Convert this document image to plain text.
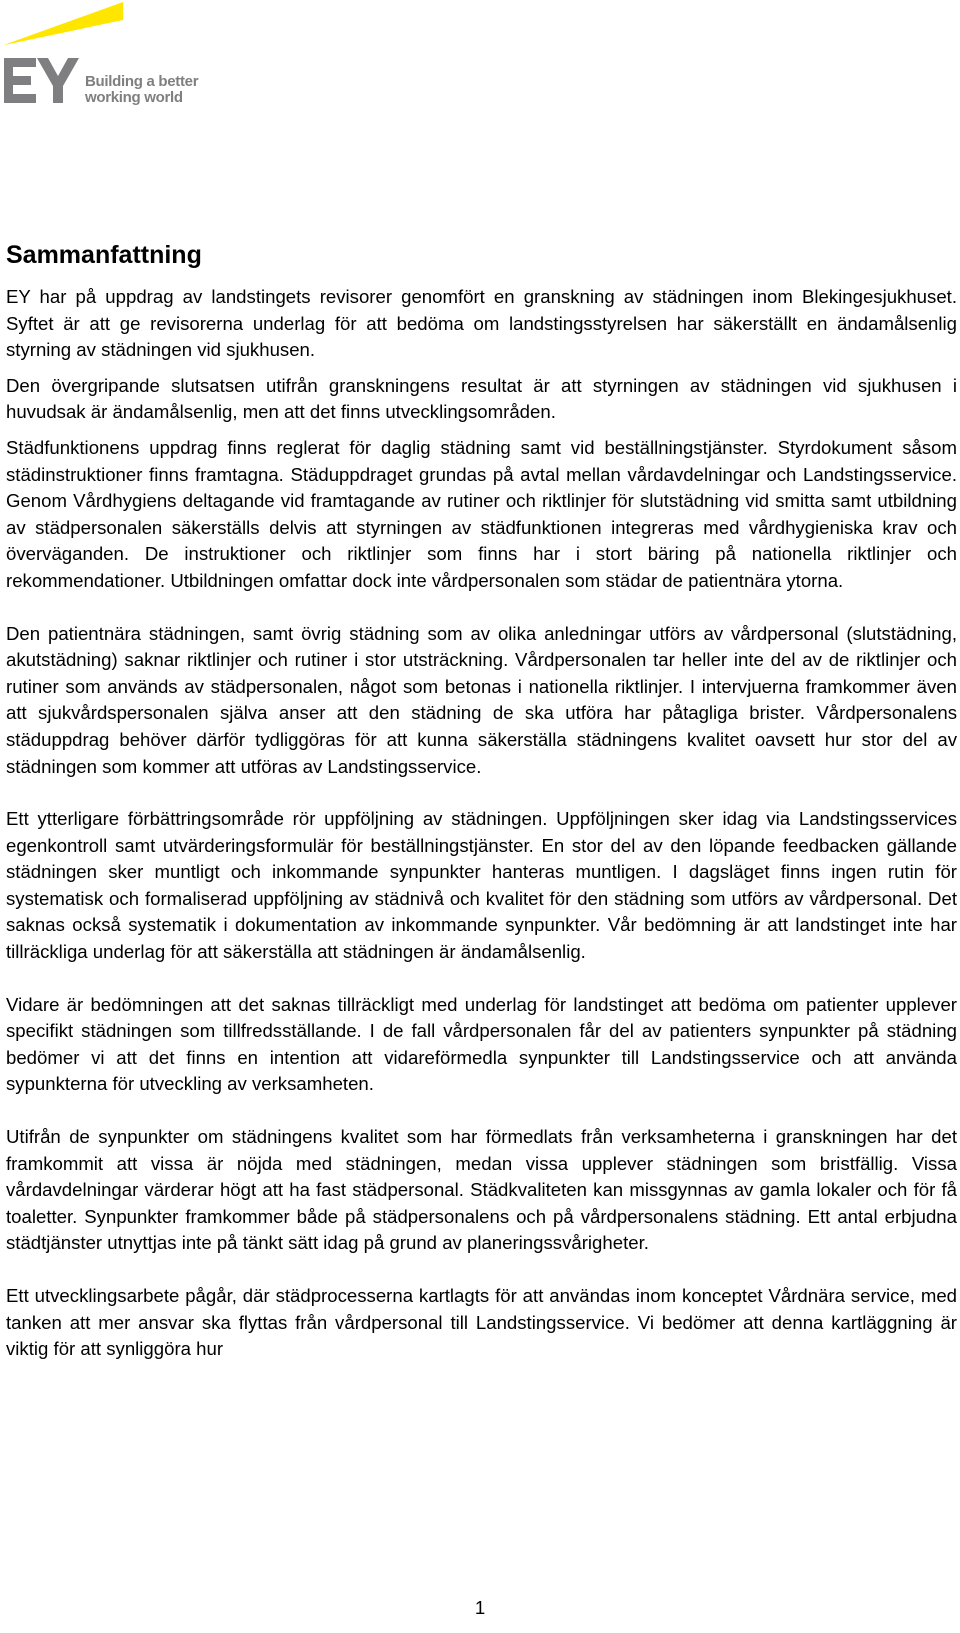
Building a better
working world
Sammanfattning

EY har på uppdrag av landstingets revisorer genomfört en granskning av städningen inom Blekingesjukhuset. Syftet är att ge revisorerna underlag för att bedöma om landstingsstyrelsen har säkerställt en ändamålsenlig styrning av städningen vid sjukhusen.

Den övergripande slutsatsen utifrån granskningens resultat är att styrningen av städningen vid sjukhusen i huvudsak är ändamålsenlig, men att det finns utvecklingsområden.

Städfunktionens uppdrag finns reglerat för daglig städning samt vid beställningstjänster. Styrdokument såsom städinstruktioner finns framtagna. Städuppdraget grundas på avtal mellan vårdavdelningar och Landstingsservice. Genom Vårdhygiens deltagande vid framtagande av rutiner och riktlinjer för slutstädning vid smitta samt utbildning av städpersonalen säkerställs delvis att styrningen av städfunktionen integreras med vårdhygieniska krav och överväganden. De instruktioner och riktlinjer som finns har i stort bäring på nationella riktlinjer och rekommendationer. Utbildningen omfattar dock inte vårdpersonalen som städar de patientnära ytorna.

Den patientnära städningen, samt övrig städning som av olika anledningar utförs av vårdpersonal (slutstädning, akutstädning) saknar riktlinjer och rutiner i stor utsträckning. Vårdpersonalen tar heller inte del av de riktlinjer och rutiner som används av städpersonalen, något som betonas i nationella riktlinjer. I intervjuerna framkommer även att sjukvårdspersonalen själva anser att den städning de ska utföra har påtagliga brister. Vårdpersonalens städuppdrag behöver därför tydliggöras för att kunna säkerställa städningens kvalitet oavsett hur stor del av städningen som kommer att utföras av Landstingsservice.

Ett ytterligare förbättringsområde rör uppföljning av städningen. Uppföljningen sker idag via Landstingsservices egenkontroll samt utvärderingsformulär för beställningstjänster. En stor del av den löpande feedbacken gällande städningen sker muntligt och inkommande synpunkter hanteras muntligen. I dagsläget finns ingen rutin för systematisk och formaliserad uppföljning av städnivå och kvalitet för den städning som utförs av vårdpersonal. Det saknas också systematik i dokumentation av inkommande synpunkter. Vår bedömning är att landstinget inte har tillräckliga underlag för att säkerställa att städningen är ändamålsenlig.

Vidare är bedömningen att det saknas tillräckligt med underlag för landstinget att bedöma om patienter upplever specifikt städningen som tillfredsställande. I de fall vårdpersonalen får del av patienters synpunkter på städning bedömer vi att det finns en intention att vidareförmedla synpunkter till Landstingsservice och att använda sypunkterna för utveckling av verksamheten.

Utifrån de synpunkter om städningens kvalitet som har förmedlats från verksamheterna i granskningen har det framkommit att vissa är nöjda med städningen, medan vissa upplever städningen som bristfällig. Vissa vårdavdelningar värderar högt att ha fast städpersonal. Städkvaliteten kan missgynnas av gamla lokaler och för få toaletter. Synpunkter framkommer både på städpersonalens och på vårdpersonalens städning. Ett antal erbjudna städtjänster utnyttjas inte på tänkt sätt idag på grund av planeringssvårigheter.

Ett utvecklingsarbete pågår, där städprocesserna kartlagts för att användas inom konceptet Vårdnära service, med tanken att mer ansvar ska flyttas från vårdpersonal till Landstingsservice. Vi bedömer att denna kartläggning är viktig för att synliggöra hur

1
